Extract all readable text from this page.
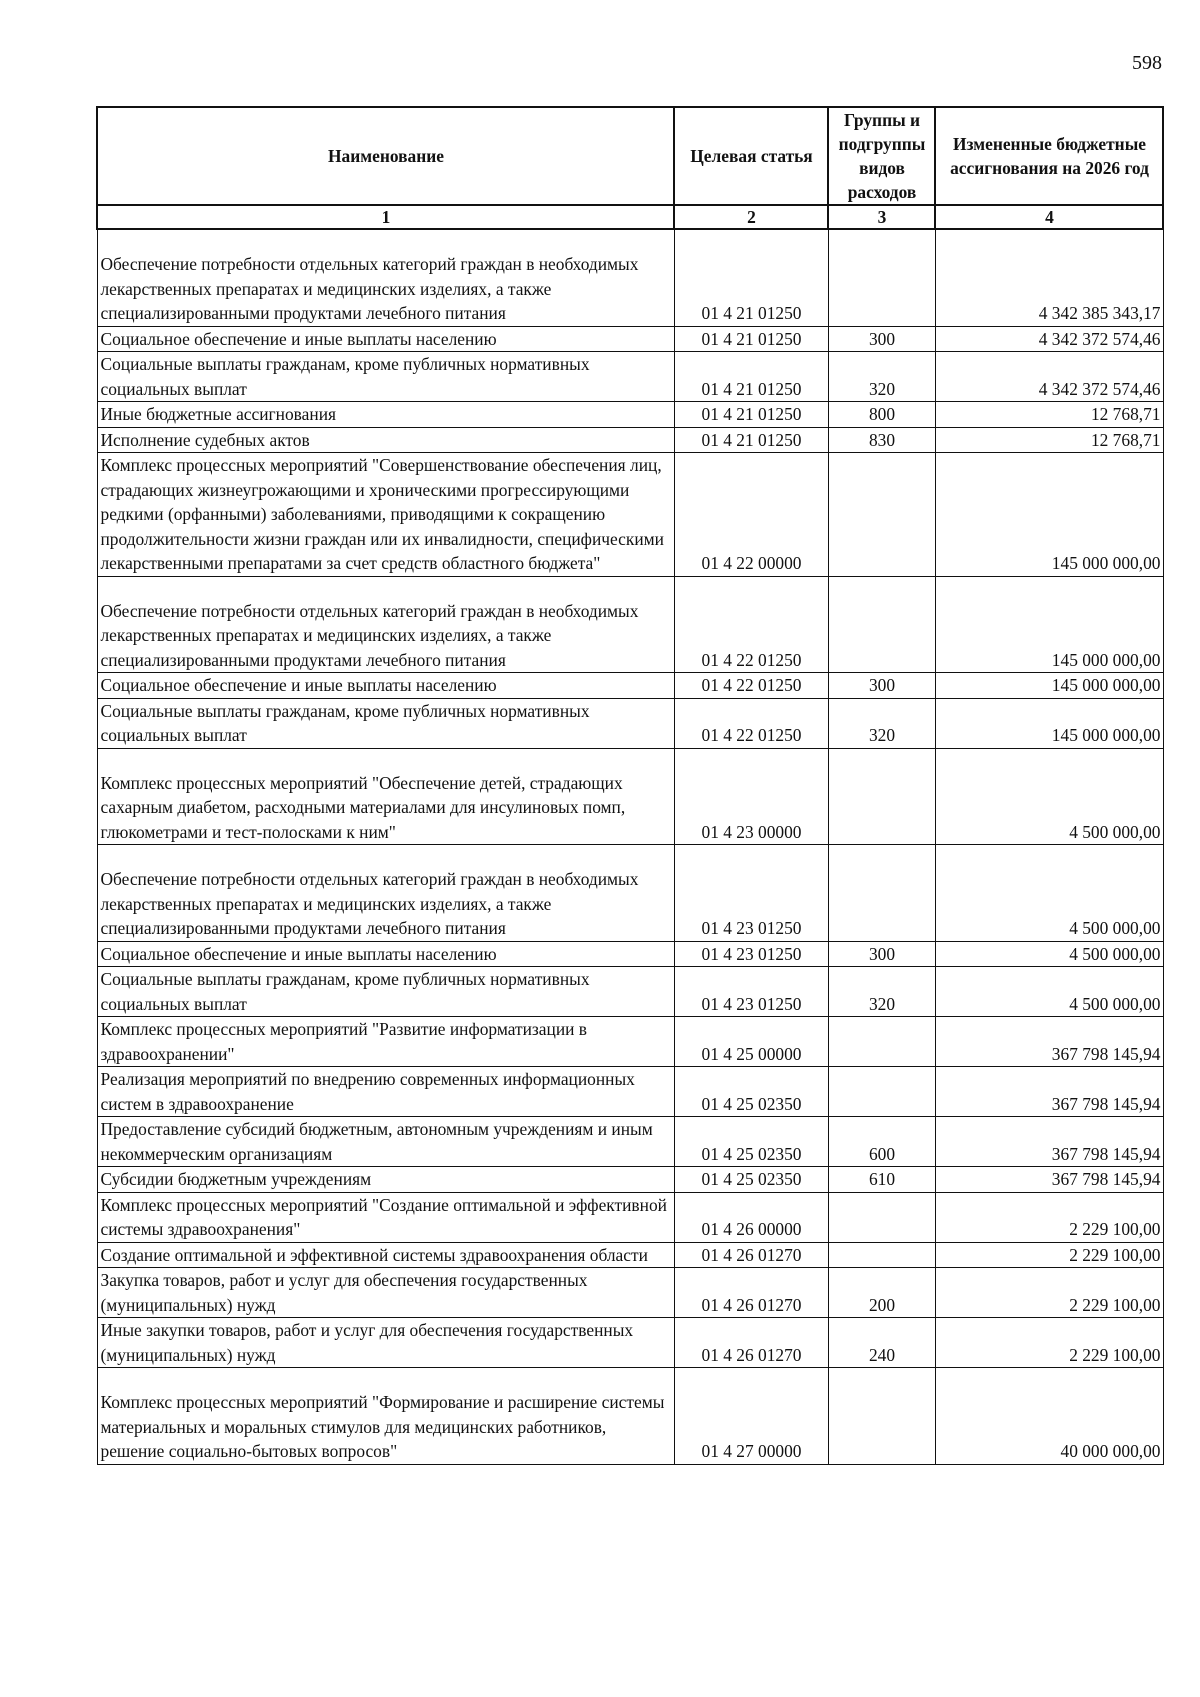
598
Наименование	Целевая статья	Группы и подгруппы видов расходов	Измененные бюджетные ассигнования на 2026 год
1	2	3	4
Обеспечение потребности отдельных категорий граждан в необходимых лекарственных препаратах и медицинских изделиях, а также специализированными продуктами лечебного питания	01 4 21 01250		4 342 385 343,17
Социальное обеспечение и иные выплаты населению	01 4 21 01250	300	4 342 372 574,46
Социальные выплаты гражданам, кроме публичных нормативных социальных выплат	01 4 21 01250	320	4 342 372 574,46
Иные бюджетные ассигнования	01 4 21 01250	800	12 768,71
Исполнение судебных актов	01 4 21 01250	830	12 768,71
Комплекс процессных мероприятий "Совершенствование обеспечения лиц, страдающих жизнеугрожающими и хроническими прогрессирующими редкими (орфанными) заболеваниями, приводящими к сокращению продолжительности жизни граждан или их инвалидности, специфическими лекарственными препаратами за счет средств областного бюджета"	01 4 22 00000		145 000 000,00
Обеспечение потребности отдельных категорий граждан в необходимых лекарственных препаратах и медицинских изделиях, а также специализированными продуктами лечебного питания	01 4 22 01250		145 000 000,00
Социальное обеспечение и иные выплаты населению	01 4 22 01250	300	145 000 000,00
Социальные выплаты гражданам, кроме публичных нормативных социальных выплат	01 4 22 01250	320	145 000 000,00
Комплекс процессных мероприятий "Обеспечение детей, страдающих сахарным диабетом, расходными материалами для инсулиновых помп, глюкометрами и тест-полосками к ним"	01 4 23 00000		4 500 000,00
Обеспечение потребности отдельных категорий граждан в необходимых лекарственных препаратах и медицинских изделиях, а также специализированными продуктами лечебного питания	01 4 23 01250		4 500 000,00
Социальное обеспечение и иные выплаты населению	01 4 23 01250	300	4 500 000,00
Социальные выплаты гражданам, кроме публичных нормативных социальных выплат	01 4 23 01250	320	4 500 000,00
Комплекс процессных мероприятий "Развитие информатизации в здравоохранении"	01 4 25 00000		367 798 145,94
Реализация мероприятий по внедрению современных информационных систем в здравоохранение	01 4 25 02350		367 798 145,94
Предоставление субсидий бюджетным, автономным учреждениям и иным некоммерческим организациям	01 4 25 02350	600	367 798 145,94
Субсидии бюджетным учреждениям	01 4 25 02350	610	367 798 145,94
Комплекс процессных мероприятий "Создание оптимальной и эффективной системы здравоохранения"	01 4 26 00000		2 229 100,00
Создание оптимальной и эффективной системы здравоохранения области	01 4 26 01270		2 229 100,00
Закупка товаров, работ и услуг для обеспечения государственных (муниципальных) нужд	01 4 26 01270	200	2 229 100,00
Иные закупки товаров, работ и услуг для обеспечения государственных (муниципальных) нужд	01 4 26 01270	240	2 229 100,00
Комплекс процессных мероприятий "Формирование и расширение системы материальных и моральных стимулов для медицинских работников, решение социально-бытовых вопросов"	01 4 27 00000		40 000 000,00
